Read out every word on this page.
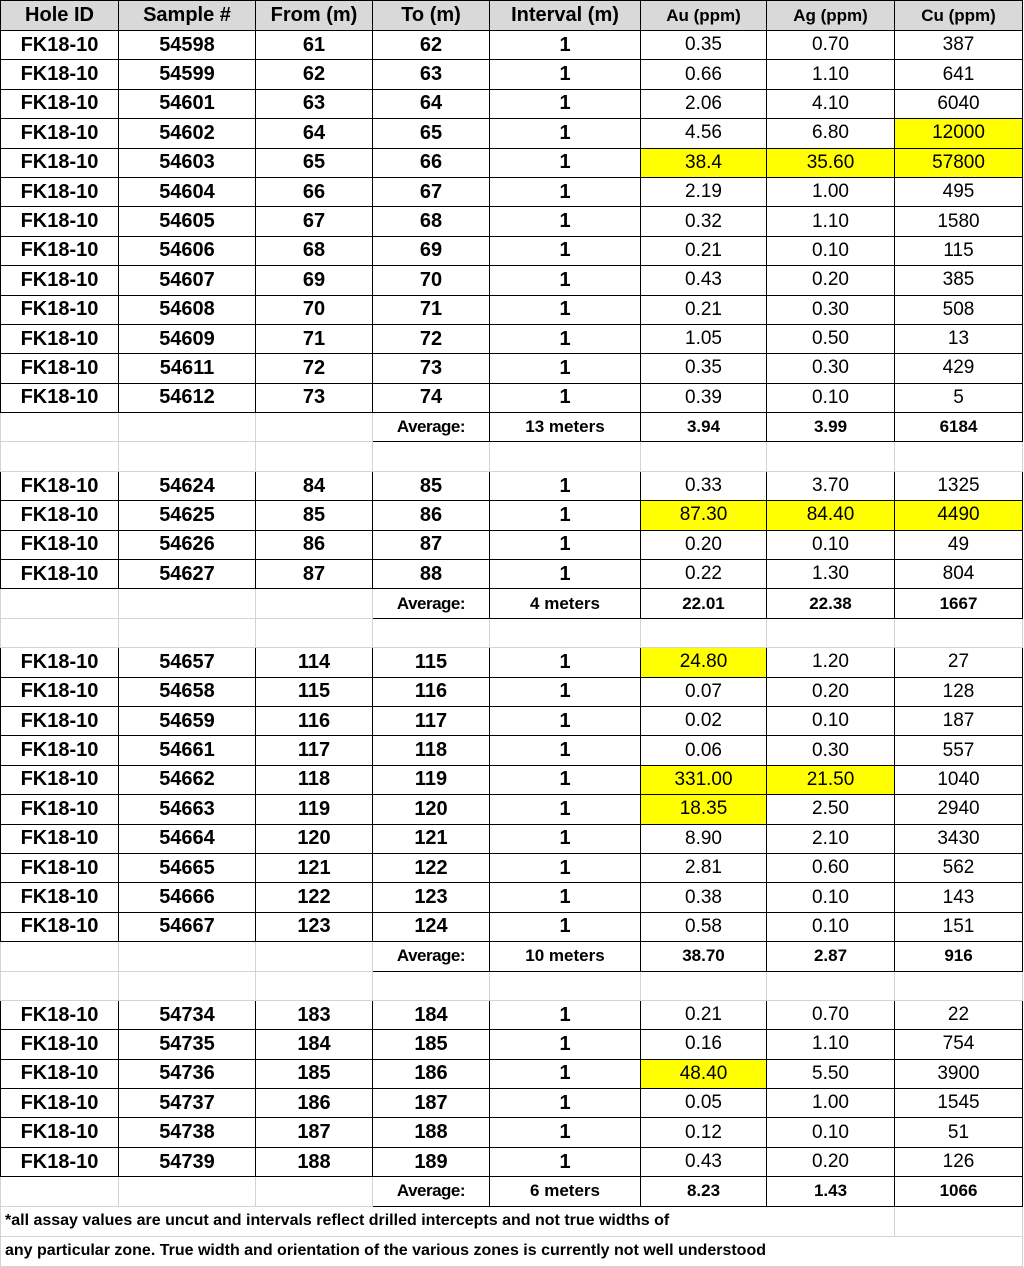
Hole ID	Sample #	From (m)	To (m)	Interval (m)	Au (ppm)	Ag (ppm)	Cu (ppm)
FK18-10	54598	61	62	1	0.35	0.70	387
FK18-10	54599	62	63	1	0.66	1.10	641
FK18-10	54601	63	64	1	2.06	4.10	6040
FK18-10	54602	64	65	1	4.56	6.80	12000
FK18-10	54603	65	66	1	38.4	35.60	57800
FK18-10	54604	66	67	1	2.19	1.00	495
FK18-10	54605	67	68	1	0.32	1.10	1580
FK18-10	54606	68	69	1	0.21	0.10	115
FK18-10	54607	69	70	1	0.43	0.20	385
FK18-10	54608	70	71	1	0.21	0.30	508
FK18-10	54609	71	72	1	1.05	0.50	13
FK18-10	54611	72	73	1	0.35	0.30	429
FK18-10	54612	73	74	1	0.39	0.10	5
			Average:	13 meters	3.94	3.99	6184

FK18-10	54624	84	85	1	0.33	3.70	1325
FK18-10	54625	85	86	1	87.30	84.40	4490
FK18-10	54626	86	87	1	0.20	0.10	49
FK18-10	54627	87	88	1	0.22	1.30	804
			Average:	4 meters	22.01	22.38	1667

FK18-10	54657	114	115	1	24.80	1.20	27
FK18-10	54658	115	116	1	0.07	0.20	128
FK18-10	54659	116	117	1	0.02	0.10	187
FK18-10	54661	117	118	1	0.06	0.30	557
FK18-10	54662	118	119	1	331.00	21.50	1040
FK18-10	54663	119	120	1	18.35	2.50	2940
FK18-10	54664	120	121	1	8.90	2.10	3430
FK18-10	54665	121	122	1	2.81	0.60	562
FK18-10	54666	122	123	1	0.38	0.10	143
FK18-10	54667	123	124	1	0.58	0.10	151
			Average:	10 meters	38.70	2.87	916

FK18-10	54734	183	184	1	0.21	0.70	22
FK18-10	54735	184	185	1	0.16	1.10	754
FK18-10	54736	185	186	1	48.40	5.50	3900
FK18-10	54737	186	187	1	0.05	1.00	1545
FK18-10	54738	187	188	1	0.12	0.10	51
FK18-10	54739	188	189	1	0.43	0.20	126
			Average:	6 meters	8.23	1.43	1066
*all assay values are uncut and intervals reflect drilled intercepts and not true widths of							
any particular zone. True width and orientation of the various zones is currently not well understood							
